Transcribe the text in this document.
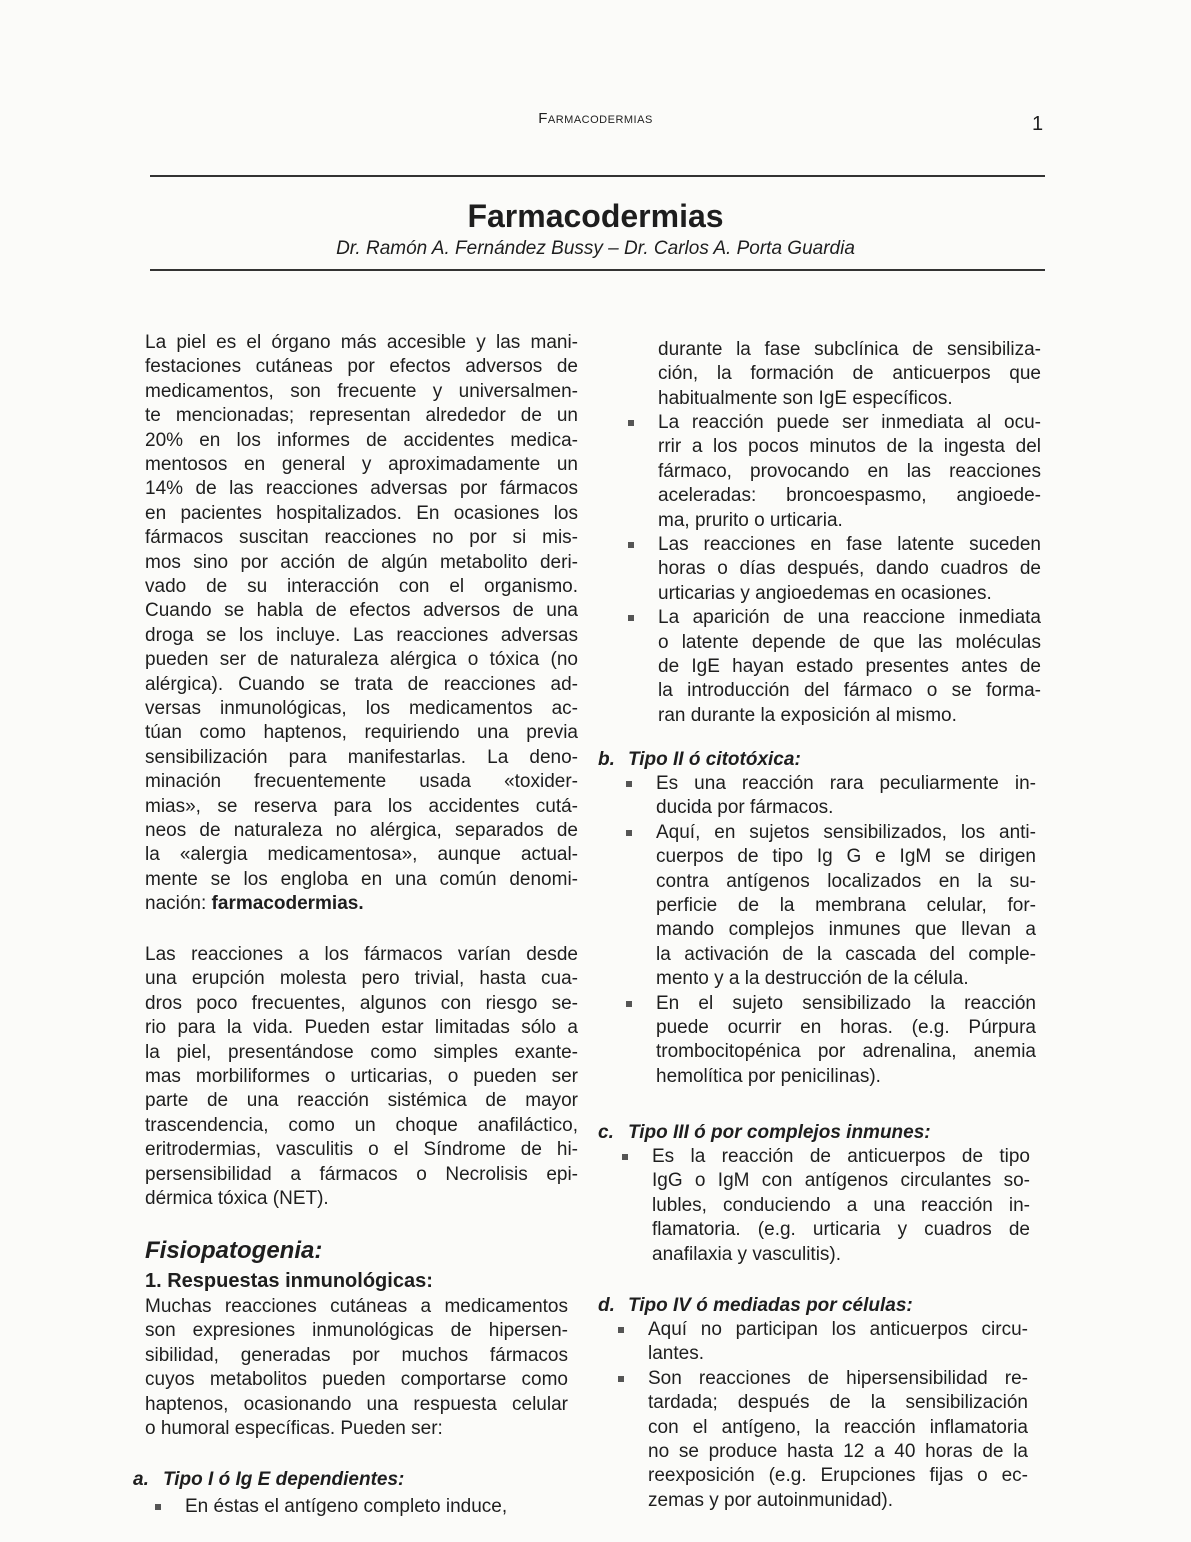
Farmacodermias	1
Farmacodermias
Dr. Ramón A. Fernández Bussy – Dr. Carlos A. Porta Guardia
Fisiopatogenia:
1. Respuestas inmunológicas:
a. Tipo I ó Ig E dependientes:
b. Tipo II ó citotóxica:
c. Tipo III ó por complejos inmunes:
d. Tipo IV ó mediadas por células:
La piel es el órgano más accesible y las mani-
festaciones cutáneas por efectos adversos de
medicamentos, son frecuente y universalmen-
te mencionadas; representan alrededor de un
20% en los informes de accidentes medica-
mentosos en general y aproximadamente un
14% de las reacciones adversas por fármacos
en pacientes hospitalizados. En ocasiones los
fármacos suscitan reacciones no por si mis-
mos sino por acción de algún metabolito deri-
vado de su interacción con el organismo.
Cuando se habla de efectos adversos de una
droga se los incluye. Las reacciones adversas
pueden ser de naturaleza alérgica o tóxica (no
alérgica). Cuando se trata de reacciones ad-
versas inmunológicas, los medicamentos ac-
túan como haptenos, requiriendo una previa
sensibilización para manifestarlas. La deno-
minación frecuentemente usada «toxider-
mias», se reserva para los accidentes cutá-
neos de naturaleza no alérgica, separados de
la «alergia medicamentosa», aunque actual-
mente se los engloba en una común denomi-
nación: farmacodermias.
Las reacciones a los fármacos varían desde
una erupción molesta pero trivial, hasta cua-
dros poco frecuentes, algunos con riesgo se-
rio para la vida. Pueden estar limitadas sólo a
la piel, presentándose como simples exante-
mas morbiliformes o urticarias, o pueden ser
parte de una reacción sistémica de mayor
trascendencia, como un choque anafiláctico,
eritrodermias, vasculitis o el Síndrome de hi-
persensibilidad a fármacos o Necrolisis epi-
dérmica tóxica (NET).
Muchas reacciones cutáneas a medicamentos
son expresiones inmunológicas de hipersen-
sibilidad, generadas por muchos fármacos
cuyos metabolitos pueden comportarse como
haptenos, ocasionando una respuesta celular
o humoral específicas. Pueden ser:
En éstas el antígeno completo induce,
durante la fase subclínica de sensibiliza-
ción, la formación de anticuerpos que
habitualmente son IgE específicos.
La reacción puede ser inmediata al ocu-
rrir a los pocos minutos de la ingesta del
fármaco, provocando en las reacciones
aceleradas: broncoespasmo, angioede-
ma, prurito o urticaria.
Las reacciones en fase latente suceden
horas o días después, dando cuadros de
urticarias y angioedemas en ocasiones.
La aparición de una reaccione inmediata
o latente depende de que las moléculas
de IgE hayan estado presentes antes de
la introducción del fármaco o se forma-
ran durante la exposición al mismo.
Es una reacción rara peculiarmente in-
ducida por fármacos.
Aquí, en sujetos sensibilizados, los anti-
cuerpos de tipo Ig G e IgM se dirigen
contra antígenos localizados en la su-
perficie de la membrana celular, for-
mando complejos inmunes que llevan a
la activación de la cascada del comple-
mento y a la destrucción de la célula.
En el sujeto sensibilizado la reacción
puede ocurrir en horas. (e.g. Púrpura
trombocitopénica por adrenalina, anemia
hemolítica por penicilinas).
Es la reacción de anticuerpos de tipo
IgG o IgM con antígenos circulantes so-
lubles, conduciendo a una reacción in-
flamatoria. (e.g. urticaria y cuadros de
anafilaxia y vasculitis).
Aquí no participan los anticuerpos circu-
lantes.
Son reacciones de hipersensibilidad re-
tardada; después de la sensibilización
con el antígeno, la reacción inflamatoria
no se produce hasta 12 a 40 horas de la
reexposición (e.g. Erupciones fijas o ec-
zemas y por autoinmunidad).
